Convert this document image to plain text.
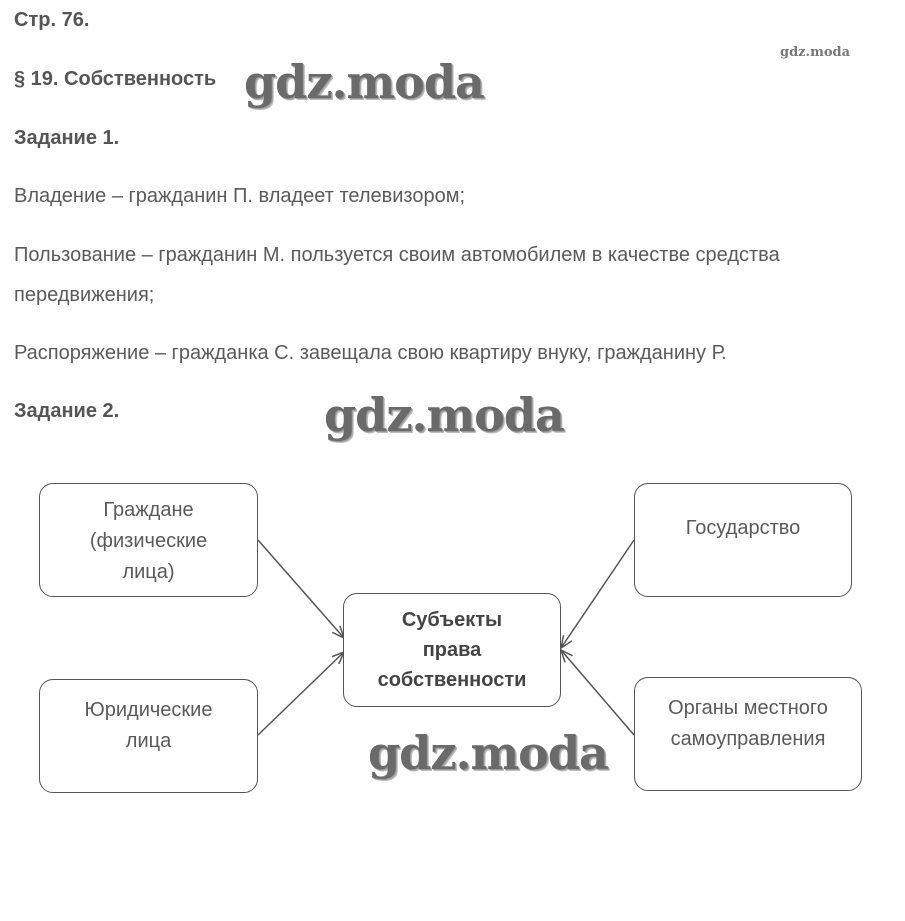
Стр. 76.
§ 19. Собственность
Задание 1.
Владение – гражданин П. владеет телевизором;
Пользование – гражданин М. пользуется своим автомобилем в качестве средства
передвижения;
Распоряжение – гражданка С. завещала свою квартиру внуку, гражданину Р.
Задание 2.
Граждане
(физические
лица)
Юридические
лица
Субъекты
права
собственности
Государство
Органы местного
самоуправления
gdz.moda
gdz.moda
gdz.moda
gdz.moda
